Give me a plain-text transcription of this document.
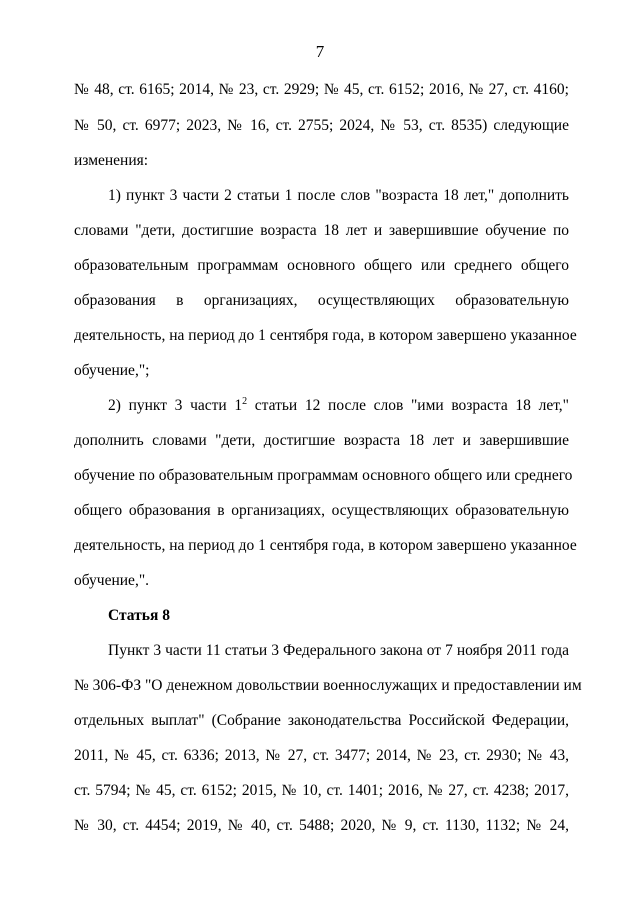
7
№ 48, ст. 6165; 2014, № 23, ст. 2929; № 45, ст. 6152; 2016, № 27, ст. 4160;
№ 50, ст. 6977; 2023, № 16, ст. 2755; 2024, № 53, ст. 8535) следующие
изменения:
1) пункт 3 части 2 статьи 1 после слов "возраста 18 лет," дополнить
словами "дети, достигшие возраста 18 лет и завершившие обучение по
образовательным программам основного общего или среднего общего
образования в организациях, осуществляющих образовательную
деятельность, на период до 1 сентября года, в котором завершено указанное
обучение,";
2) пункт 3 части $1^2$ статьи 12 после слов "ими возраста 18 лет,"
дополнить словами "дети, достигшие возраста 18 лет и завершившие
обучение по образовательным программам основного общего или среднего
общего образования в организациях, осуществляющих образовательную
деятельность, на период до 1 сентября года, в котором завершено указанное
обучение,".
Статья 8
Пункт 3 части 11 статьи 3 Федерального закона от 7 ноября 2011 года
№ 306-ФЗ "О денежном довольствии военнослужащих и предоставлении им
отдельных выплат" (Собрание законодательства Российской Федерации,
2011, № 45, ст. 6336; 2013, № 27, ст. 3477; 2014, № 23, ст. 2930; № 43,
ст. 5794; № 45, ст. 6152; 2015, № 10, ст. 1401; 2016, № 27, ст. 4238; 2017,
№ 30, ст. 4454; 2019, № 40, ст. 5488; 2020, № 9, ст. 1130, 1132; № 24,
